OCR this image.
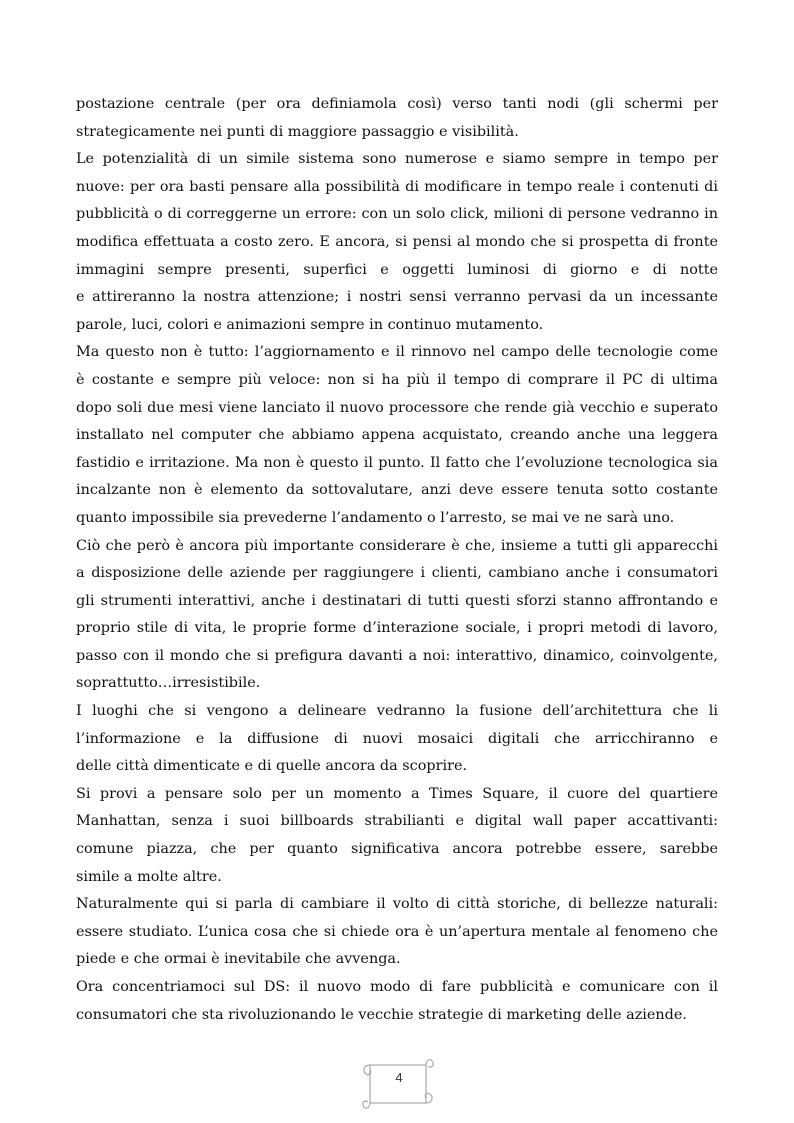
postazione centrale (per ora definiamola così) verso tanti nodi (gli schermi per
strategicamente nei punti di maggiore passaggio e visibilità.
Le potenzialità di un simile sistema sono numerose e siamo sempre in tempo per
nuove: per ora basti pensare alla possibilità di modificare in tempo reale i contenuti di
pubblicità o di correggerne un errore: con un solo click, milioni di persone vedranno in
modifica effettuata a costo zero. E ancora, si pensi al mondo che si prospetta di fronte
immagini sempre presenti, superfici e oggetti luminosi di giorno e di notte
e attireranno la nostra attenzione; i nostri sensi verranno pervasi da un incessante
parole, luci, colori e animazioni sempre in continuo mutamento.
Ma questo non è tutto: l’aggiornamento e il rinnovo nel campo delle tecnologie come
è costante e sempre più veloce: non si ha più il tempo di comprare il PC di ultima
dopo soli due mesi viene lanciato il nuovo processore che rende già vecchio e superato
installato nel computer che abbiamo appena acquistato, creando anche una leggera
fastidio e irritazione. Ma non è questo il punto. Il fatto che l’evoluzione tecnologica sia
incalzante non è elemento da sottovalutare, anzi deve essere tenuta sotto costante
quanto impossibile sia prevederne l’andamento o l’arresto, se mai ve ne sarà uno.
Ciò che però è ancora più importante considerare è che, insieme a tutti gli apparecchi
a disposizione delle aziende per raggiungere i clienti, cambiano anche i consumatori
gli strumenti interattivi, anche i destinatari di tutti questi sforzi stanno affrontando e
proprio stile di vita, le proprie forme d’interazione sociale, i propri metodi di lavoro,
passo con il mondo che si prefigura davanti a noi: interattivo, dinamico, coinvolgente,
soprattutto…irresistibile.
I luoghi che si vengono a delineare vedranno la fusione dell’architettura che li
l’informazione e la diffusione di nuovi mosaici digitali che arricchiranno e
delle città dimenticate e di quelle ancora da scoprire.
Si provi a pensare solo per un momento a Times Square, il cuore del quartiere
Manhattan, senza i suoi billboards strabilianti e digital wall paper accattivanti:
comune piazza, che per quanto significativa ancora potrebbe essere, sarebbe
simile a molte altre.
Naturalmente qui si parla di cambiare il volto di città storiche, di bellezze naturali:
essere studiato. L’unica cosa che si chiede ora è un’apertura mentale al fenomeno che
piede e che ormai è inevitabile che avvenga.
Ora concentriamoci sul DS: il nuovo modo di fare pubblicità e comunicare con il
consumatori che sta rivoluzionando le vecchie strategie di marketing delle aziende.
4
